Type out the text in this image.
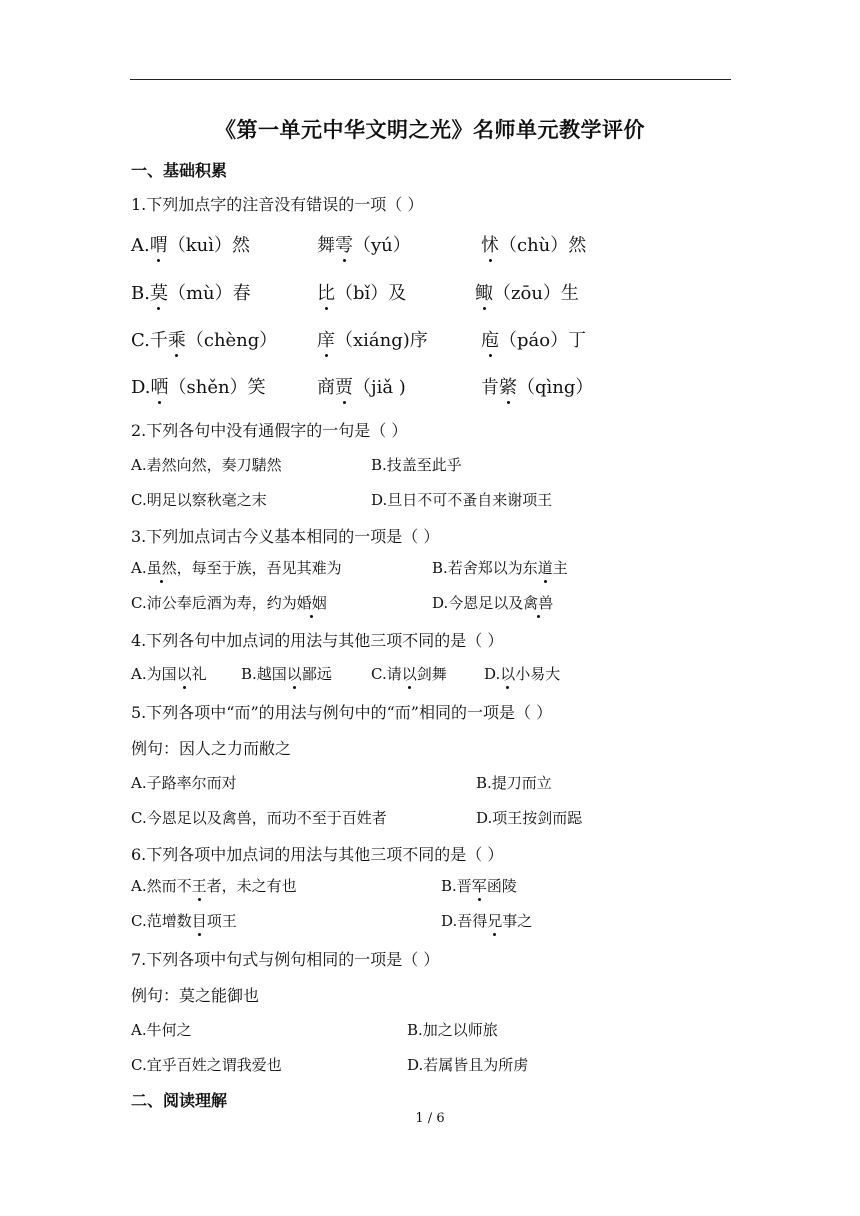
《第一单元中华文明之光》名师单元教学评价
一、基础积累
1.下列加点字的注音没有错误的一项（ ）
A.喟（kuì）然	舞雩（yú）	怵（chù）然
B.莫（mù）春	比（bǐ）及	鲰（zōu）生
C.千乘（chèng） 庠（xiáng)序	庖（páo）丁
D.哂（shěn）笑	商贾（jiǎ )	肯綮（qìng）
2.下列各句中没有通假字的一句是（ ）
A.砉然向然，奏刀騞然	B.技盖至此乎
C.明足以察秋毫之末	D.旦日不可不蚤自来谢项王
3.下列加点词古今义基本相同的一项是（ ）
A.虽然，每至于族，吾见其难为	B.若舍郑以为东道主
C.沛公奉卮酒为寿，约为婚姻	D.今恩足以及禽兽
4.下列各句中加点词的用法与其他三项不同的是（ ）
A.为国以礼 B.越国以鄙远	C.请以剑舞 D.以小易大
5.下列各项中“而”的用法与例句中的“而”相同的一项是（ ）
例句：因人之力而敝之
A.子路率尔而对	B.提刀而立
C.今恩足以及禽兽，而功不至于百姓者	D.项王按剑而跽
6.下列各项中加点词的用法与其他三项不同的是（ ）
A.然而不王者，未之有也	B.晋军函陵
C.范增数目项王	D.吾得兄事之
7.下列各项中句式与例句相同的一项是（ ）
例句：莫之能御也
A.牛何之	B.加之以师旅
C.宜乎百姓之谓我爱也	D.若属皆且为所虏
二、阅读理解
1 / 6
